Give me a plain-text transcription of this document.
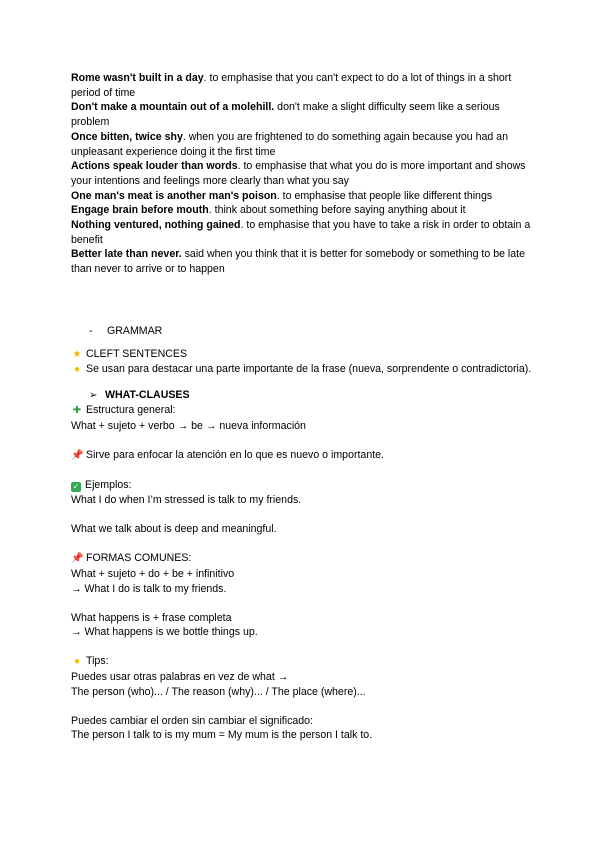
Rome wasn't built in a day. to emphasise that you can't expect to do a lot of things in a short period of time

Don't make a mountain out of a molehill. don't make a slight difficulty seem like a serious problem

Once bitten, twice shy. when you are frightened to do something again because you had an unpleasant experience doing it the first time

Actions speak louder than words. to emphasise that what you do is more important and shows your intentions and feelings more clearly than what you say

One man's meat is another man's poison. to emphasise that people like different things

Engage brain before mouth. think about something before saying anything about it

Nothing ventured, nothing gained. to emphasise that you have to take a risk in order to obtain a benefit

Better late than never. said when you think that it is better for somebody or something to be late than never to arrive or to happen

- GRAMMAR

★ CLEFT SENTENCES

● Se usan para destacar una parte importante de la frase (nueva, sorprendente o contradictoria).

➢ WHAT-CLAUSES

✚ Estructura general:

What + sujeto + verbo → be → nueva información

📌 Sirve para enfocar la atención en lo que es nuevo o importante.

✓ Ejemplos:

What I do when I’m stressed is talk to my friends.

What we talk about is deep and meaningful.

📌 FORMAS COMUNES:

What + sujeto + do + be + infinitivo

→ What I do is talk to my friends.

What happens is + frase completa

→ What happens is we bottle things up.

● Tips:

Puedes usar otras palabras en vez de what →

The person (who)... / The reason (why)... / The place (where)...

Puedes cambiar el orden sin cambiar el significado:

The person I talk to is my mum = My mum is the person I talk to.
